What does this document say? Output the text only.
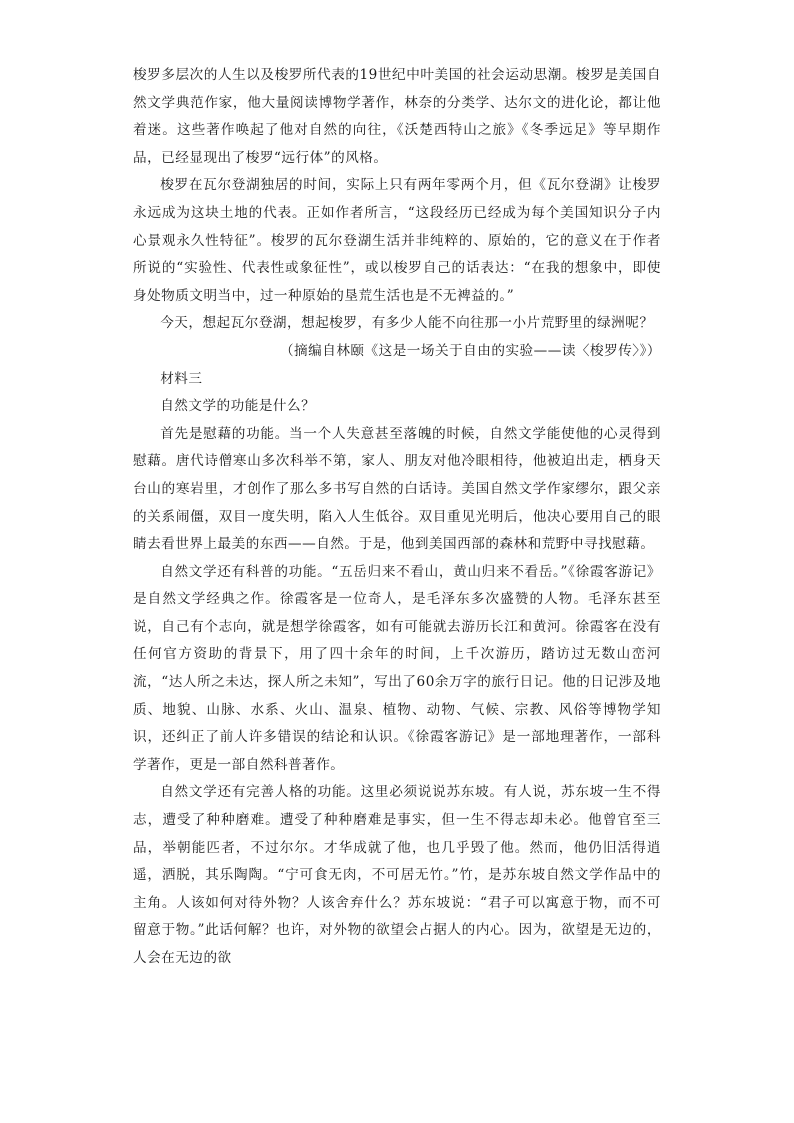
梭罗多层次的人生以及梭罗所代表的19世纪中叶美国的社会运动思潮。梭罗是美国自然文学典范作家，他大量阅读博物学著作，林奈的分类学、达尔文的进化论，都让他着迷。这些著作唤起了他对自然的向往，《沃楚西特山之旅》《冬季远足》等早期作品，已经显现出了梭罗“远行体”的风格。

梭罗在瓦尔登湖独居的时间，实际上只有两年零两个月，但《瓦尔登湖》让梭罗永远成为这块土地的代表。正如作者所言，“这段经历已经成为每个美国知识分子内心景观永久性特征”。梭罗的瓦尔登湖生活并非纯粹的、原始的，它的意义在于作者所说的“实验性、代表性或象征性”，或以梭罗自己的话表达：“在我的想象中，即使身处物质文明当中，过一种原始的垦荒生活也是不无裨益的。”

今天，想起瓦尔登湖，想起梭罗，有多少人能不向往那一小片荒野里的绿洲呢？

（摘编自林颐《这是一场关于自由的实验——读〈梭罗传〉》）

材料三

自然文学的功能是什么？

首先是慰藉的功能。当一个人失意甚至落魄的时候，自然文学能使他的心灵得到慰藉。唐代诗僧寒山多次科举不第，家人、朋友对他冷眼相待，他被迫出走，栖身天台山的寒岩里，才创作了那么多书写自然的白话诗。美国自然文学作家缪尔，跟父亲的关系闹僵，双目一度失明，陷入人生低谷。双目重见光明后，他决心要用自己的眼睛去看世界上最美的东西——自然。于是，他到美国西部的森林和荒野中寻找慰藉。

自然文学还有科普的功能。“五岳归来不看山，黄山归来不看岳。”《徐霞客游记》是自然文学经典之作。徐霞客是一位奇人，是毛泽东多次盛赞的人物。毛泽东甚至说，自己有个志向，就是想学徐霞客，如有可能就去游历长江和黄河。徐霞客在没有任何官方资助的背景下，用了四十余年的时间，上千次游历，踏访过无数山峦河流，“达人所之未达，探人所之未知”，写出了60余万字的旅行日记。他的日记涉及地质、地貌、山脉、水系、火山、温泉、植物、动物、气候、宗教、风俗等博物学知识，还纠正了前人许多错误的结论和认识。《徐霞客游记》是一部地理著作，一部科学著作，更是一部自然科普著作。

自然文学还有完善人格的功能。这里必须说说苏东坡。有人说，苏东坡一生不得志，遭受了种种磨难。遭受了种种磨难是事实，但一生不得志却未必。他曾官至三品，举朝能匹者，不过尔尔。才华成就了他，也几乎毁了他。然而，他仍旧活得逍遥，洒脱，其乐陶陶。“宁可食无肉，不可居无竹。”竹，是苏东坡自然文学作品中的主角。人该如何对待外物？人该舍弃什么？苏东坡说：“君子可以寓意于物，而不可留意于物。”此话何解？也许，对外物的欲望会占据人的内心。因为，欲望是无边的，人会在无边的欲
